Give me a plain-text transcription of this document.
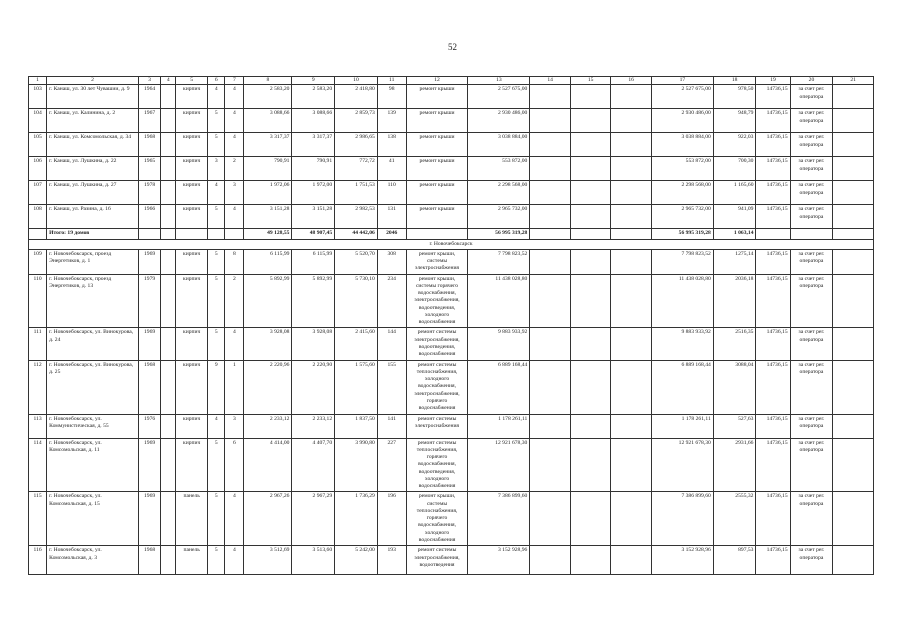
52
1	2	3	4	5	6	7	8	9	10	11	12	13	14	15	16	17	18	19	20	21
103	г. Канаш, ул. 30 лет Чувашии, д. 9	1964		кирпич	4	4	2 583,20	2 583,20	2 418,80	98	ремонт крыши	2 527 675,00				2 527 675,00	978,50	14736,15	за счет рег. оператора	
104	г. Канаш, ул. Калинина, д. 2	1967		кирпич	5	4	3 088,66	3 088,66	2 859,73	139	ремонт крыши	2 930 486,00				2 930 486,00	948,79	14736,15	за счет рег. оператора	
105	г. Канаш, ул. Комсомольская, д. 34	1968		кирпич	5	4	3 317,37	3 317,37	2 986,65	138	ремонт крыши	3 038 884,00				3 038 884,00	922,03	14736,15	за счет рег. оператора	
106	г. Канаш, ул. Лушкина, д. 22	1965		кирпич	3	2	790,91	790,91	772,72	41	ремонт крыши	553 872,00				553 872,00	700,30	14736,15	за счет рег. оператора	
107	г. Канаш, ул. Лушкина, д. 27	1978		кирпич	4	3	1 972,06	1 972,00	1 751,53	110	ремонт крыши	2 298 568,00				2 298 568,00	1 165,60	14736,15	за счет рег. оператора	
108	г. Канаш, ул. Разина, д. 16	1966		кирпич	5	4	3 151,28	3 151,28	2 982,53	131	ремонт крыши	2 965 732,00				2 965 732,00	941,09	14736,15	за счет рег. оператора	
	Итого: 19 домов						49 128,55	48 907,45	44 442,06	2046		56 995 319,28				56 995 319,28	1 063,14			
г. Новочебоксарск																				
109	г. Новочебоксарск, проезд Энергетиков, д. 1	1969		кирпич	5	8	6 115,99	6 115,99	5 520,70	308	ремонт крыши, системы электроснабжения	7 798 823,52				7 798 823,52	1275,14	14736,15	за счет рег. оператора	
110	г. Новочебоксарск, проезд Энергетиков, д. 13	1979		кирпич	5	2	5 892,99	5 892,99	5 730,10	234	ремонт крыши, системы горячего водоснабжения, электроснабжения, водоотведения, холодного водоснабжения	11 438 028,80				11 438 028,80	2036,18	14736,15	за счет рег. оператора	
111	г. Новочебоксарск, ул. Винокурова, д. 24	1969		кирпич	5	4	3 928,08	3 928,08	2 415,60	144	ремонт системы электроснабжения, водоотведения, водоснабжения	9 883 933,92				9 883 933,92	2516,35	14736,15	за счет рег. оператора	
112	г. Новочебоксарск, ул. Винокурова, д. 25	1968		кирпич	9	1	2 220,96	2 220,90	1 575,60	155	ремонт системы теплоснабжения, холодного водоснабжения, электроснабжения, горячего водоснабжения	6 889 168,44				6 889 168,44	3088,04	14736,15	за счет рег. оператора	
113	г. Новочебоксарск, ул. Коммунистическая, д. 55	1976		кирпич	4	3	2 233,12	2 233,12	1 837,50	141	ремонт системы электроснабжения	1 178 261,11				1 178 261,11	527,63	14736,15	за счет рег. оператора	
114	г. Новочебоксарск, ул. Комсомольская, д. 11	1969		кирпич	5	6	4 414,00	4 407,70	3 990,80	227	ремонт системы теплоснабжения, горячего водоснабжения, водоотведения, холодного водоснабжения	12 921 678,30				12 921 678,30	2931,66	14736,15	за счет рег. оператора	
115	г. Новочебоксарск, ул. Комсомольская, д. 15	1969		панель	5	4	2 967,26	2 967,29	1 736,29	196	ремонт крыши, системы теплоснабжения, горячего водоснабжения, холодного водоснабжения	7 386 899,60				7 386 899,60	2555,32	14736,15	за счет рег. оператора	
116	г. Новочебоксарск, ул. Комсомольская, д. 3	1968		панель	5	4	3 512,69	3 513,60	5 242,00	193	ремонт системы электроснабжения, водоотведения	3 152 928,96				3 152 928,96	897,53	14736,15	за счет рег. оператора	
